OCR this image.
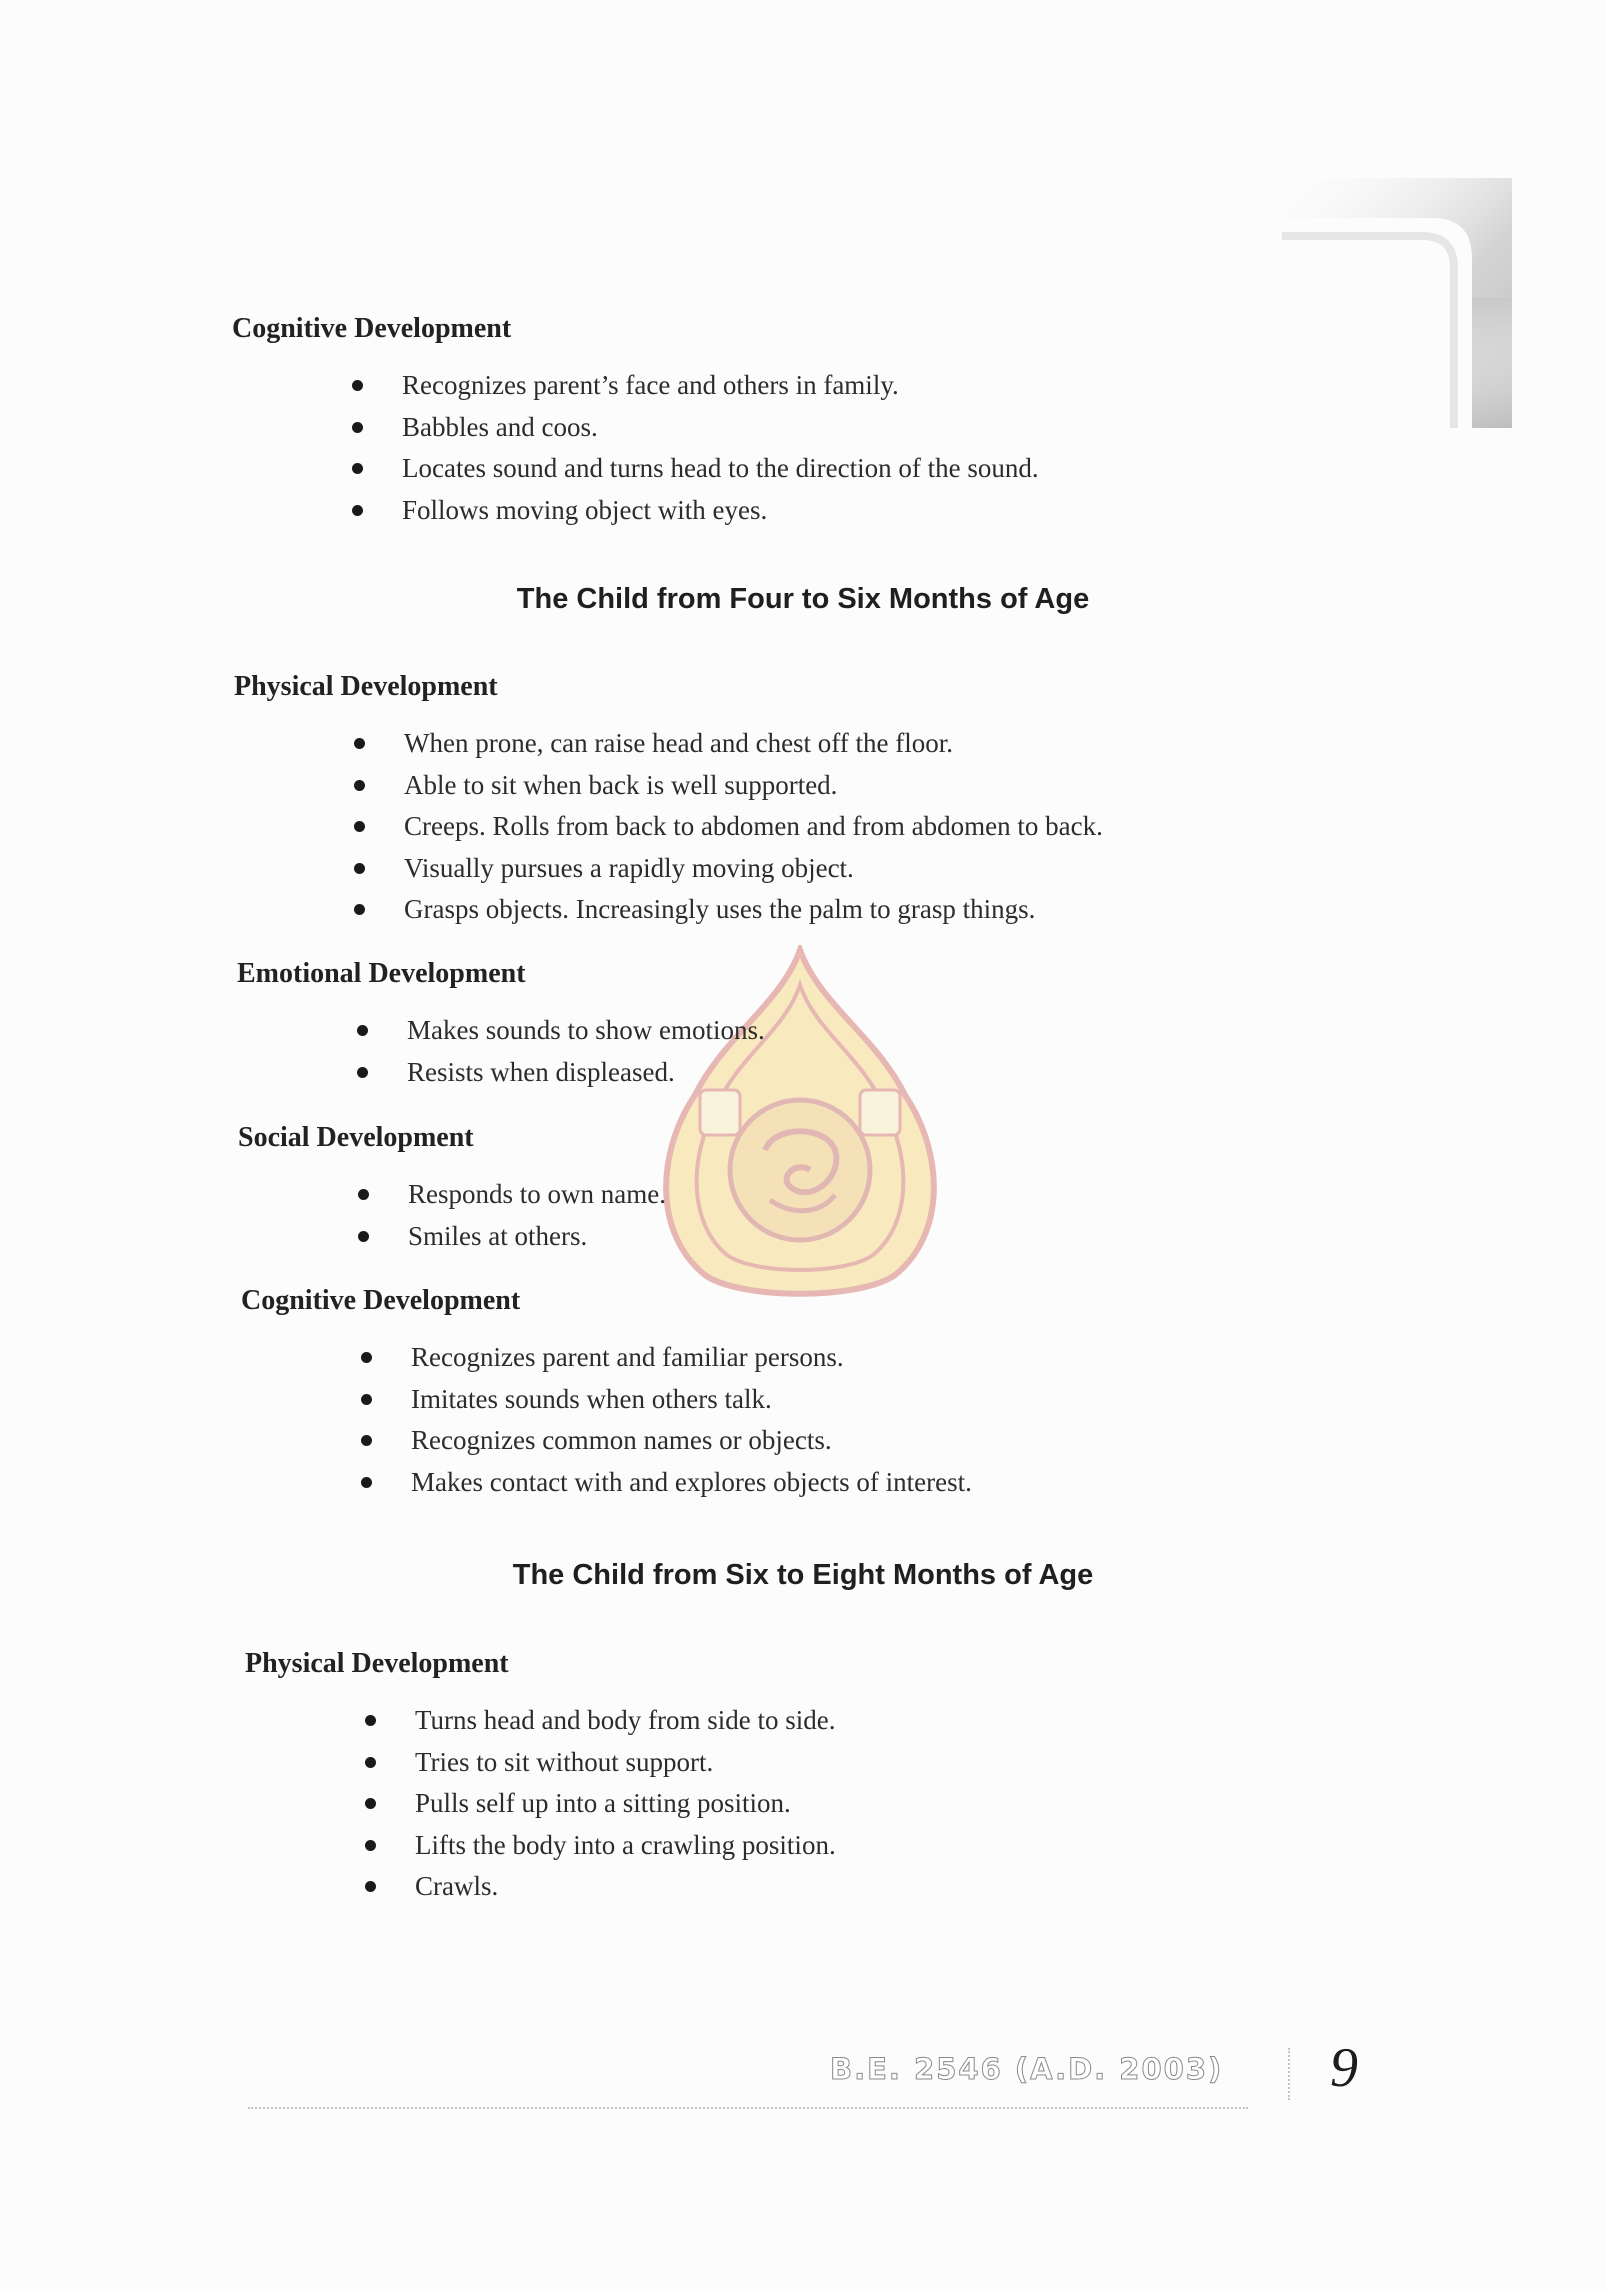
Cognitive Development
Recognizes parent’s face and others in family.
Babbles and coos.
Locates sound and turns head to the direction of the sound.
Follows moving object with eyes.
The Child from Four to Six Months of Age
Physical Development
When prone, can raise head and chest off the floor.
Able to sit when back is well supported.
Creeps. Rolls from back to abdomen and from abdomen to back.
Visually pursues a rapidly moving object.
Grasps objects. Increasingly uses the palm to grasp things.
Emotional Development
Makes sounds to show emotions.
Resists when displeased.
Social Development
Responds to own name.
Smiles at others.
Cognitive Development
Recognizes parent and familiar persons.
Imitates sounds when others talk.
Recognizes common names or objects.
Makes contact with and explores objects of interest.
The Child from Six to Eight Months of Age
Physical Development
Turns head and body from side to side.
Tries to sit without support.
Pulls self up into a sitting position.
Lifts the body into a crawling position.
Crawls.
B.E. 2546 (A.D. 2003) 9
